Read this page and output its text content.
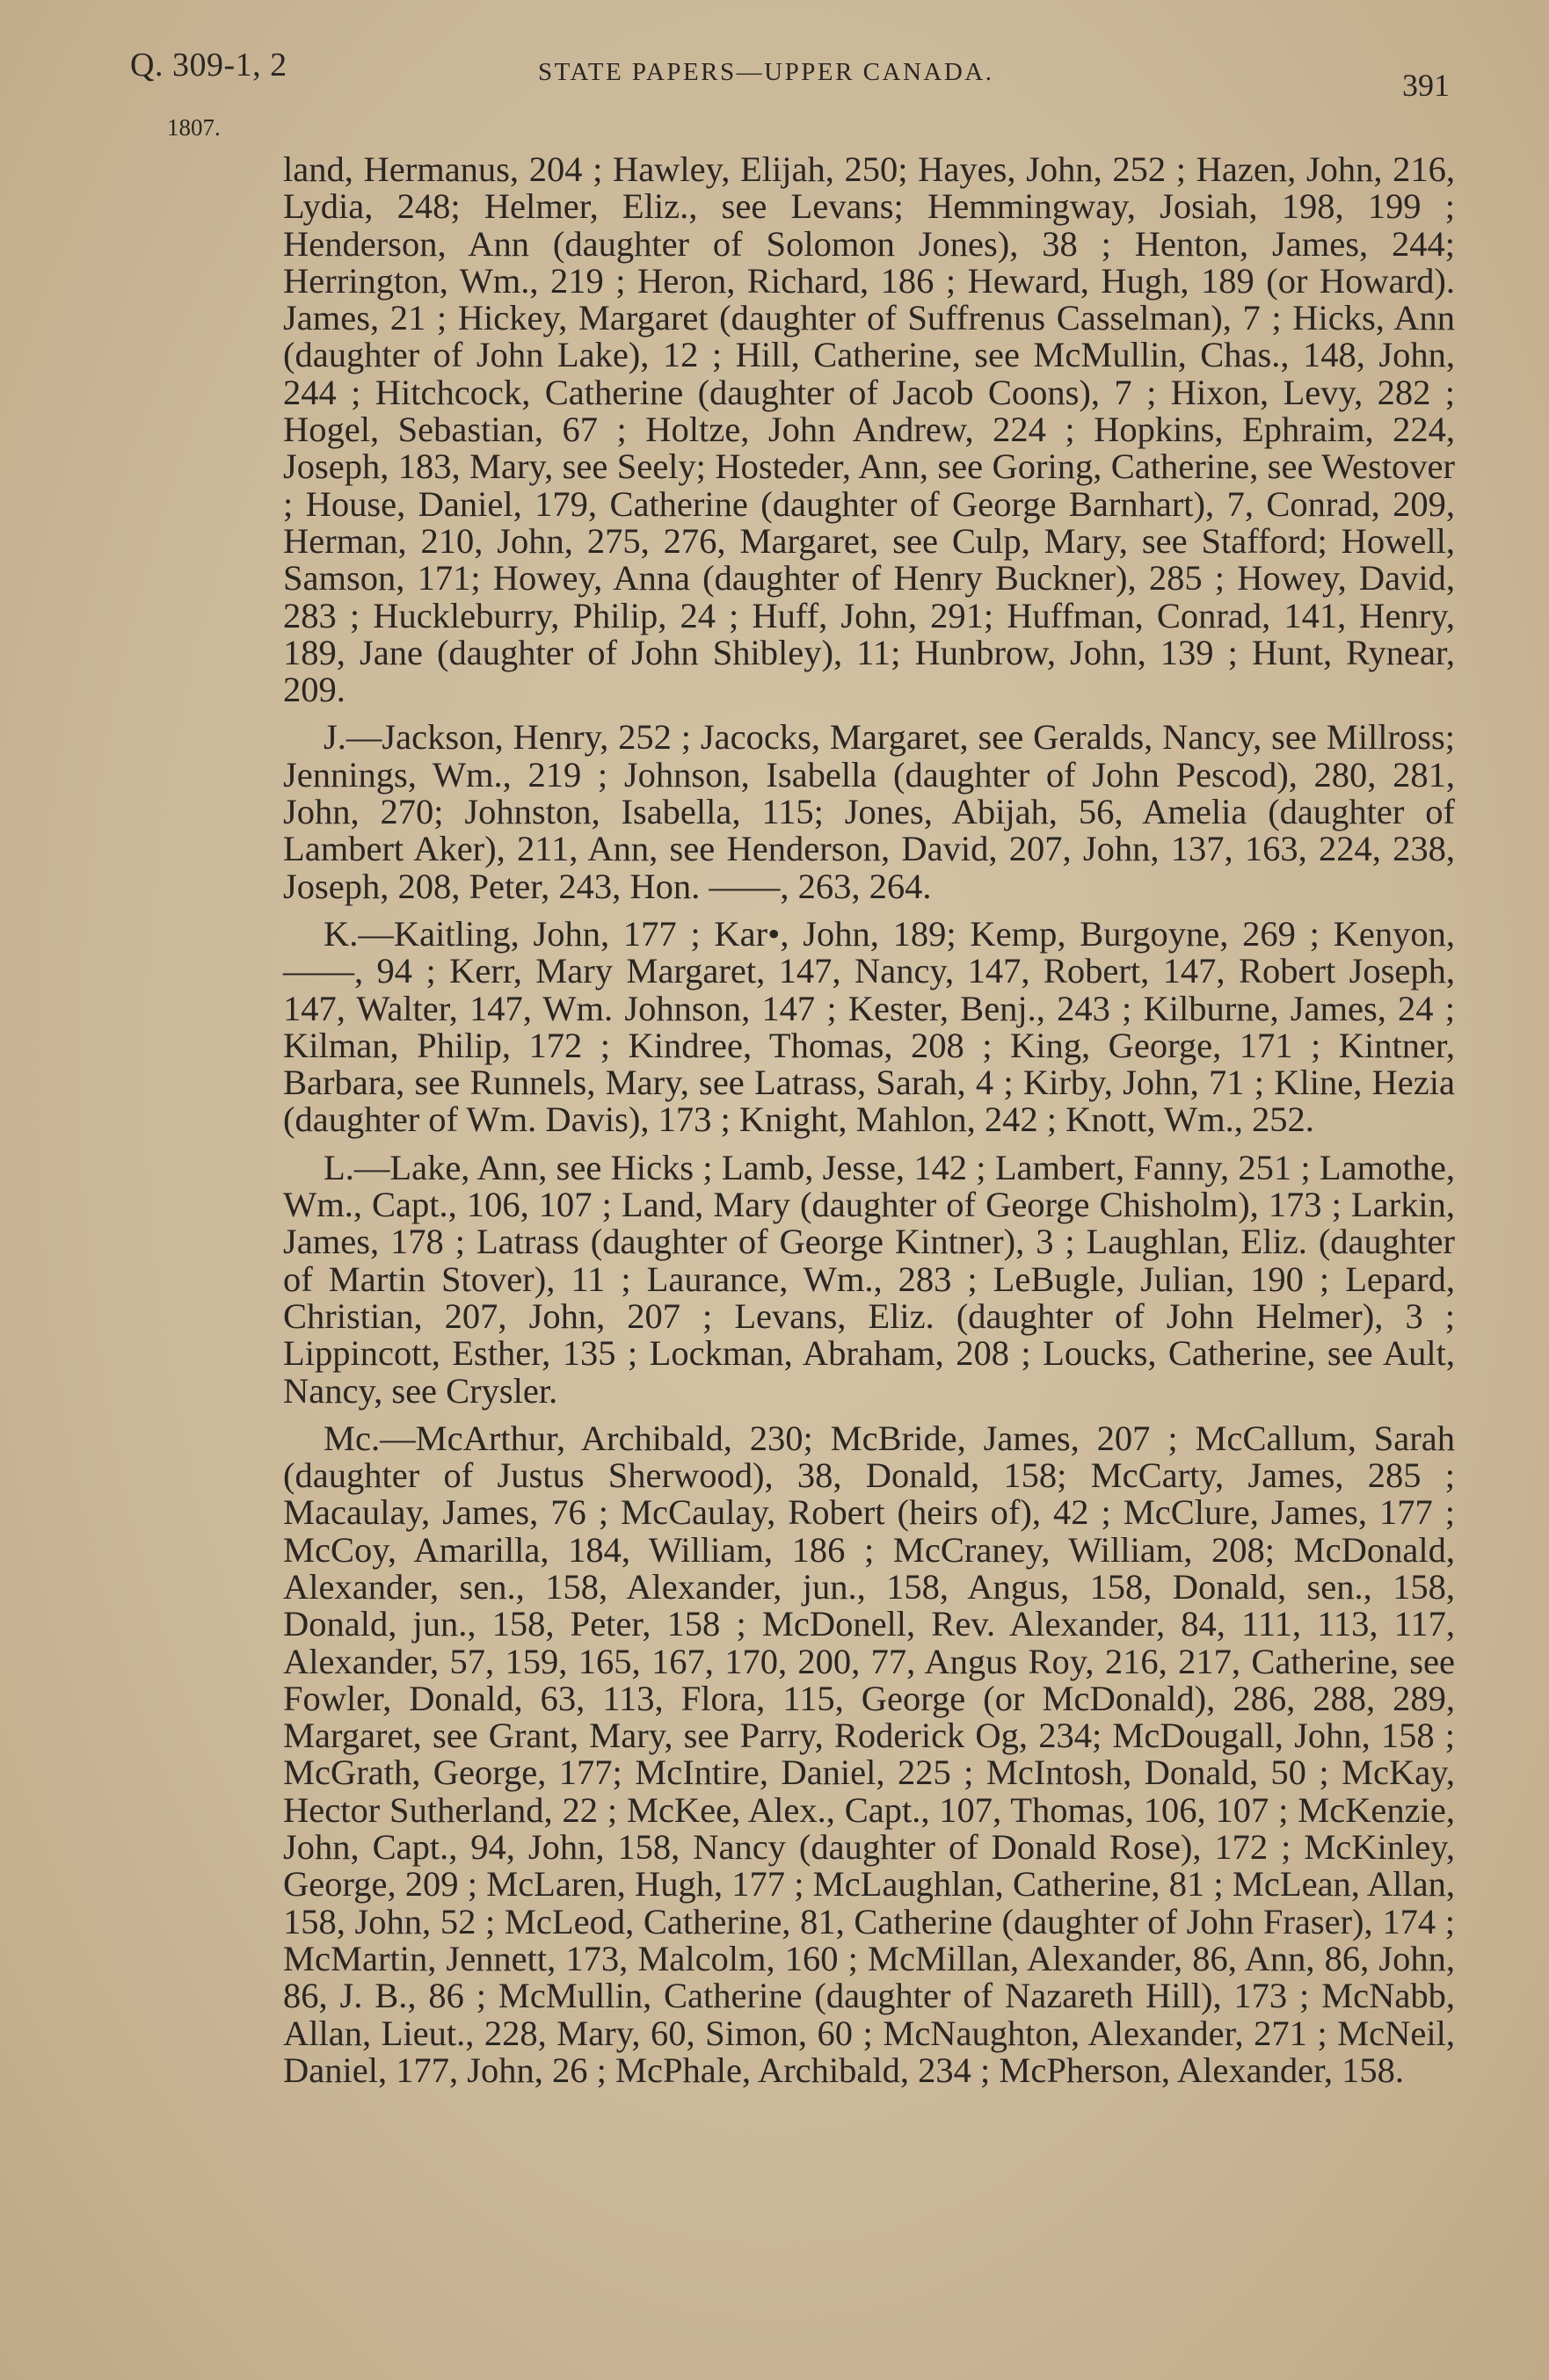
Q. 309-1, 2
1807.
STATE PAPERS—UPPER CANADA.	391

land, Hermanus, 204 ; Hawley, Elijah, 250; Hayes, John, 252 ; Hazen, John, 216, Lydia, 248; Helmer, Eliz., see Levans; Hemmingway, Josiah, 198, 199 ; Henderson, Ann (daughter of Solomon Jones), 38 ; Henton, James, 244; Herrington, Wm., 219 ; Heron, Richard, 186 ; Heward, Hugh, 189 (or Howard). James, 21 ; Hickey, Margaret (daughter of Suffrenus Casselman), 7 ; Hicks, Ann (daughter of John Lake), 12 ; Hill, Catherine, see McMullin, Chas., 148, John, 244 ; Hitchcock, Catherine (daughter of Jacob Coons), 7 ; Hixon, Levy, 282 ; Hogel, Sebastian, 67 ; Holtze, John Andrew, 224 ; Hopkins, Ephraim, 224, Joseph, 183, Mary, see Seely; Hosteder, Ann, see Goring, Catherine, see Westover ; House, Daniel, 179, Catherine (daughter of George Barnhart), 7, Conrad, 209, Herman, 210, John, 275, 276, Margaret, see Culp, Mary, see Stafford; Howell, Samson, 171; Howey, Anna (daughter of Henry Buckner), 285 ; Howey, David, 283 ; Huckleburry, Philip, 24 ; Huff, John, 291; Huffman, Conrad, 141, Henry, 189, Jane (daughter of John Shibley), 11; Hunbrow, John, 139 ; Hunt, Rynear, 209.

J.—Jackson, Henry, 252 ; Jacocks, Margaret, see Geralds, Nancy, see Millross; Jennings, Wm., 219 ; Johnson, Isabella (daughter of John Pescod), 280, 281, John, 270; Johnston, Isabella, 115; Jones, Abijah, 56, Amelia (daughter of Lambert Aker), 211, Ann, see Henderson, David, 207, John, 137, 163, 224, 238, Joseph, 208, Peter, 243, Hon. ——, 263, 264.

K.—Kaitling, John, 177 ; Kar•, John, 189; Kemp, Burgoyne, 269 ; Kenyon, ——, 94 ; Kerr, Mary Margaret, 147, Nancy, 147, Robert, 147, Robert Joseph, 147, Walter, 147, Wm. Johnson, 147 ; Kester, Benj., 243 ; Kilburne, James, 24 ; Kilman, Philip, 172 ; Kindree, Thomas, 208 ; King, George, 171 ; Kintner, Barbara, see Runnels, Mary, see Latrass, Sarah, 4 ; Kirby, John, 71 ; Kline, Hezia (daughter of Wm. Davis), 173 ; Knight, Mahlon, 242 ; Knott, Wm., 252.

L.—Lake, Ann, see Hicks ; Lamb, Jesse, 142 ; Lambert, Fanny, 251 ; Lamothe, Wm., Capt., 106, 107 ; Land, Mary (daughter of George Chisholm), 173 ; Larkin, James, 178 ; Latrass (daughter of George Kintner), 3 ; Laughlan, Eliz. (daughter of Martin Stover), 11 ; Laurance, Wm., 283 ; LeBugle, Julian, 190 ; Lepard, Christian, 207, John, 207 ; Levans, Eliz. (daughter of John Helmer), 3 ; Lippincott, Esther, 135 ; Lockman, Abraham, 208 ; Loucks, Catherine, see Ault, Nancy, see Crysler.

Mc.—McArthur, Archibald, 230; McBride, James, 207 ; McCallum, Sarah (daughter of Justus Sherwood), 38, Donald, 158; McCarty, James, 285 ; Macaulay, James, 76 ; McCaulay, Robert (heirs of), 42 ; McClure, James, 177 ; McCoy, Amarilla, 184, William, 186 ; McCraney, William, 208; McDonald, Alexander, sen., 158, Alexander, jun., 158, Angus, 158, Donald, sen., 158, Donald, jun., 158, Peter, 158 ; McDonell, Rev. Alexander, 84, 111, 113, 117, Alexander, 57, 159, 165, 167, 170, 200, 77, Angus Roy, 216, 217, Catherine, see Fowler, Donald, 63, 113, Flora, 115, George (or McDonald), 286, 288, 289, Margaret, see Grant, Mary, see Parry, Roderick Og, 234; McDougall, John, 158 ; McGrath, George, 177; McIntire, Daniel, 225 ; McIntosh, Donald, 50 ; McKay, Hector Sutherland, 22 ; McKee, Alex., Capt., 107, Thomas, 106, 107 ; McKenzie, John, Capt., 94, John, 158, Nancy (daughter of Donald Rose), 172 ; McKinley, George, 209 ; McLaren, Hugh, 177 ; McLaughlan, Catherine, 81 ; McLean, Allan, 158, John, 52 ; McLeod, Catherine, 81, Catherine (daughter of John Fraser), 174 ; McMartin, Jennett, 173, Malcolm, 160 ; McMillan, Alexander, 86, Ann, 86, John, 86, J. B., 86 ; McMullin, Catherine (daughter of Nazareth Hill), 173 ; McNabb, Allan, Lieut., 228, Mary, 60, Simon, 60 ; McNaughton, Alexander, 271 ; McNeil, Daniel, 177, John, 26 ; McPhale, Archibald, 234 ; McPherson, Alexander, 158.
